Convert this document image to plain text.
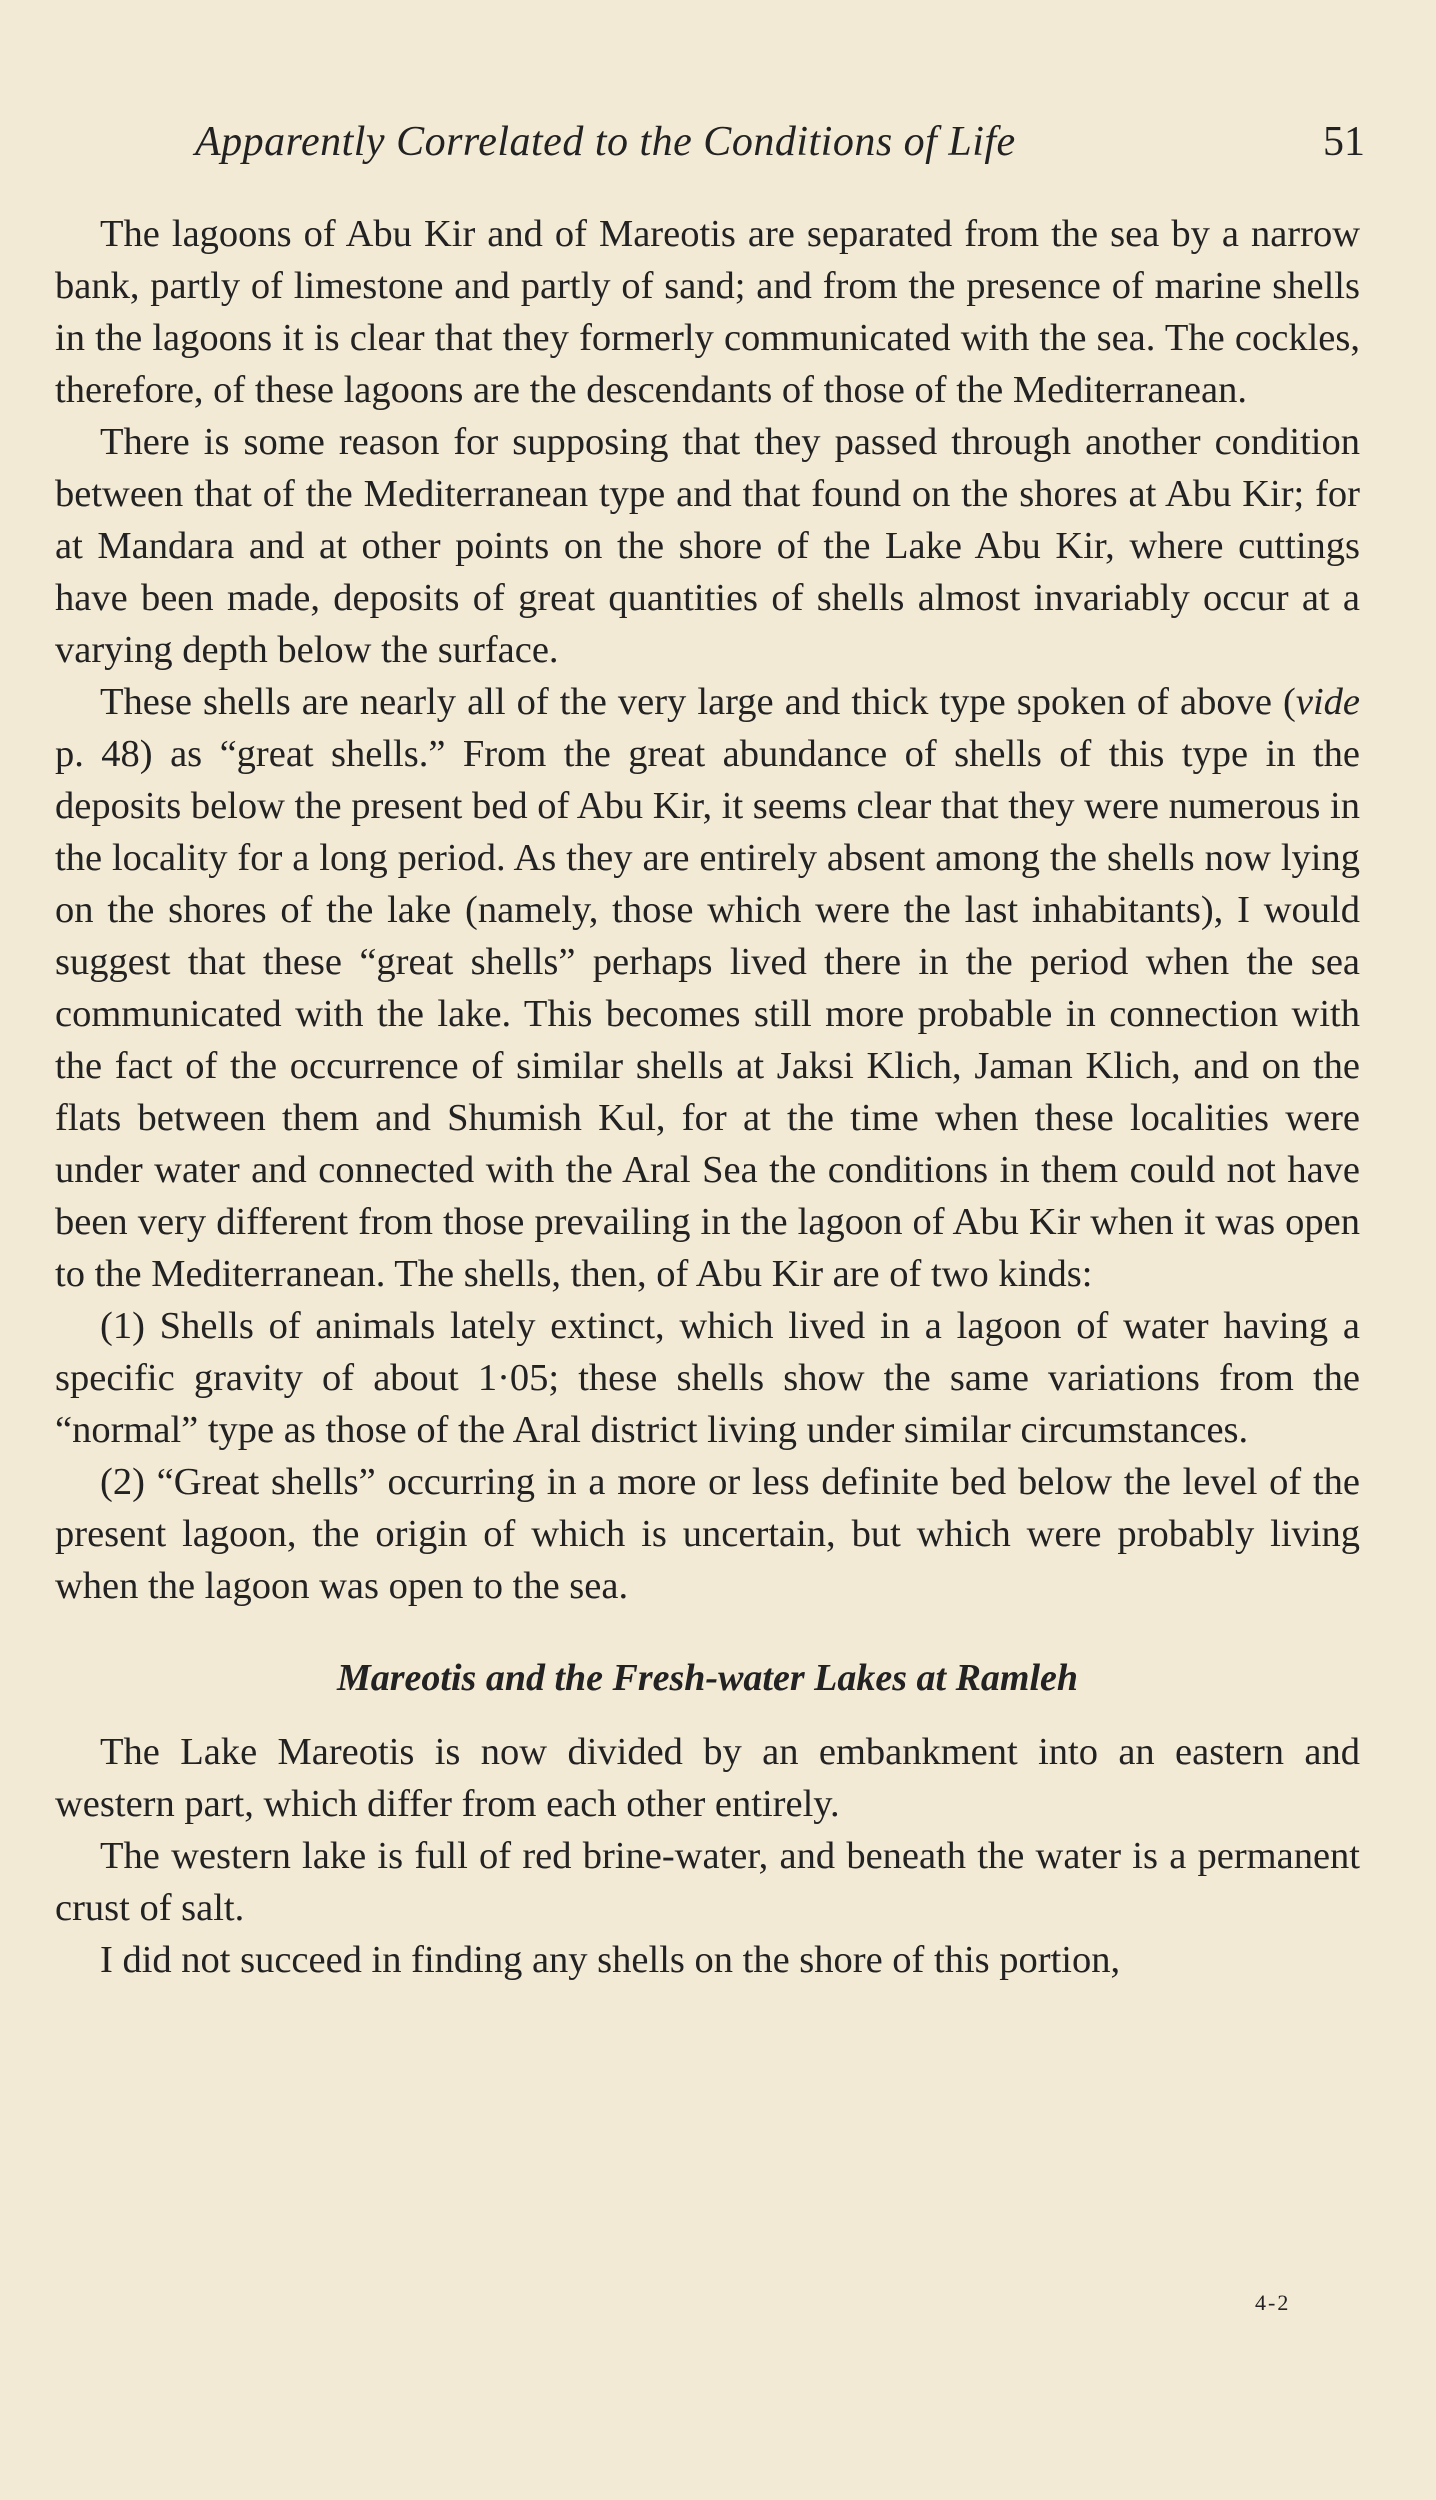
Apparently Correlated to the Conditions of Life	51

The lagoons of Abu Kir and of Mareotis are separated from the sea by a narrow bank, partly of limestone and partly of sand; and from the presence of marine shells in the lagoons it is clear that they formerly communicated with the sea. The cockles, therefore, of these lagoons are the descendants of those of the Mediterranean.

There is some reason for supposing that they passed through another condition between that of the Mediterranean type and that found on the shores at Abu Kir; for at Mandara and at other points on the shore of the Lake Abu Kir, where cuttings have been made, deposits of great quantities of shells almost invariably occur at a varying depth below the surface.

These shells are nearly all of the very large and thick type spoken of above (vide p. 48) as “great shells.” From the great abundance of shells of this type in the deposits below the present bed of Abu Kir, it seems clear that they were numerous in the locality for a long period. As they are entirely absent among the shells now lying on the shores of the lake (namely, those which were the last inhabitants), I would suggest that these “great shells” perhaps lived there in the period when the sea communicated with the lake. This becomes still more probable in connection with the fact of the occurrence of similar shells at Jaksi Klich, Jaman Klich, and on the flats between them and Shumish Kul, for at the time when these localities were under water and connected with the Aral Sea the conditions in them could not have been very different from those prevailing in the lagoon of Abu Kir when it was open to the Mediterranean. The shells, then, of Abu Kir are of two kinds:

(1) Shells of animals lately extinct, which lived in a lagoon of water having a specific gravity of about 1·05; these shells show the same variations from the “normal” type as those of the Aral district living under similar circumstances.

(2) “Great shells” occurring in a more or less definite bed below the level of the present lagoon, the origin of which is uncertain, but which were probably living when the lagoon was open to the sea.

Mareotis and the Fresh-water Lakes at Ramleh

The Lake Mareotis is now divided by an embankment into an eastern and western part, which differ from each other entirely.

The western lake is full of red brine-water, and beneath the water is a permanent crust of salt.

I did not succeed in finding any shells on the shore of this portion,

4-2
